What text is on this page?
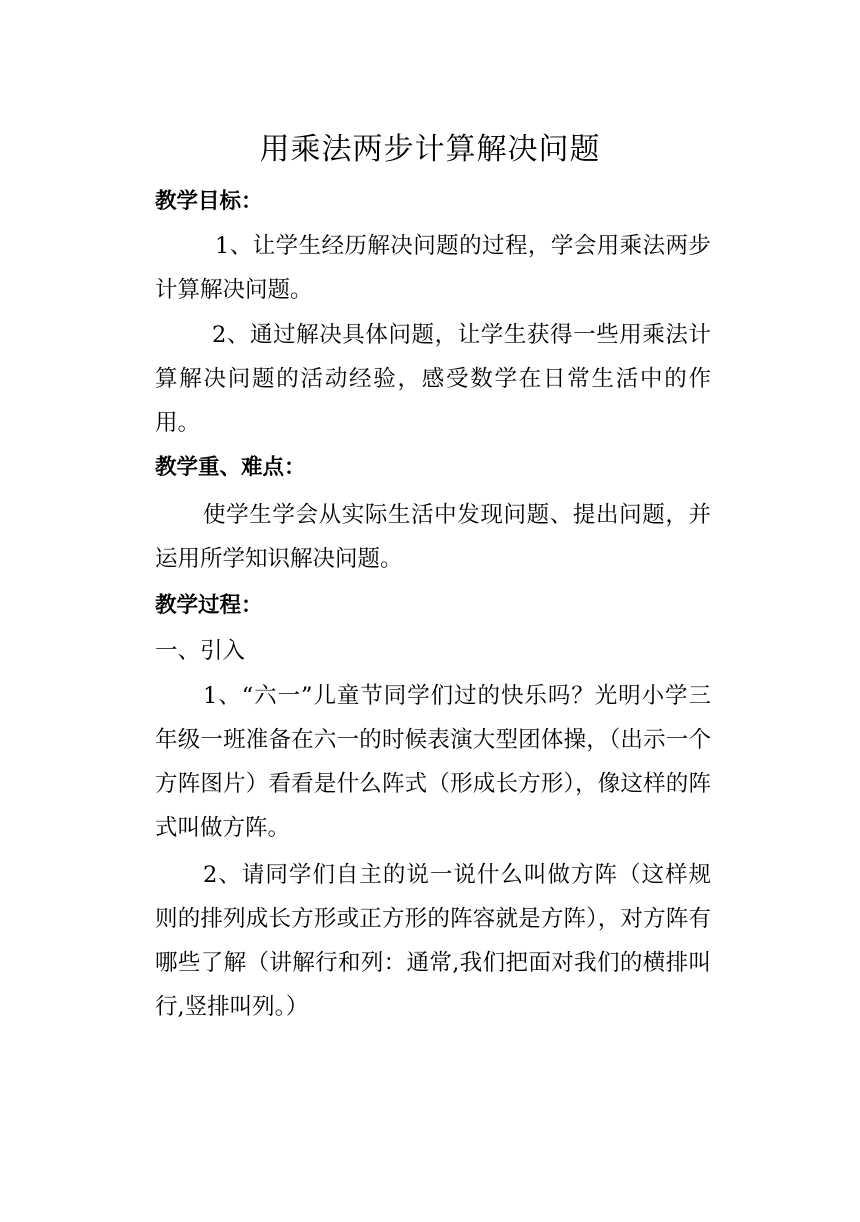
用乘法两步计算解决问题

教学目标：

1、让学生经历解决问题的过程，学会用乘法两步计算解决问题。

2、通过解决具体问题，让学生获得一些用乘法计算解决问题的活动经验，感受数学在日常生活中的作用。

教学重、难点：

使学生学会从实际生活中发现问题、提出问题，并运用所学知识解决问题。

教学过程：

一、引入

1、“六一”儿童节同学们过的快乐吗？光明小学三年级一班准备在六一的时候表演大型团体操，（出示一个方阵图片）看看是什么阵式（形成长方形），像这样的阵式叫做方阵。

2、请同学们自主的说一说什么叫做方阵（这样规则的排列成长方形或正方形的阵容就是方阵），对方阵有哪些了解（讲解行和列：通常,我们把面对我们的横排叫行,竖排叫列。）
